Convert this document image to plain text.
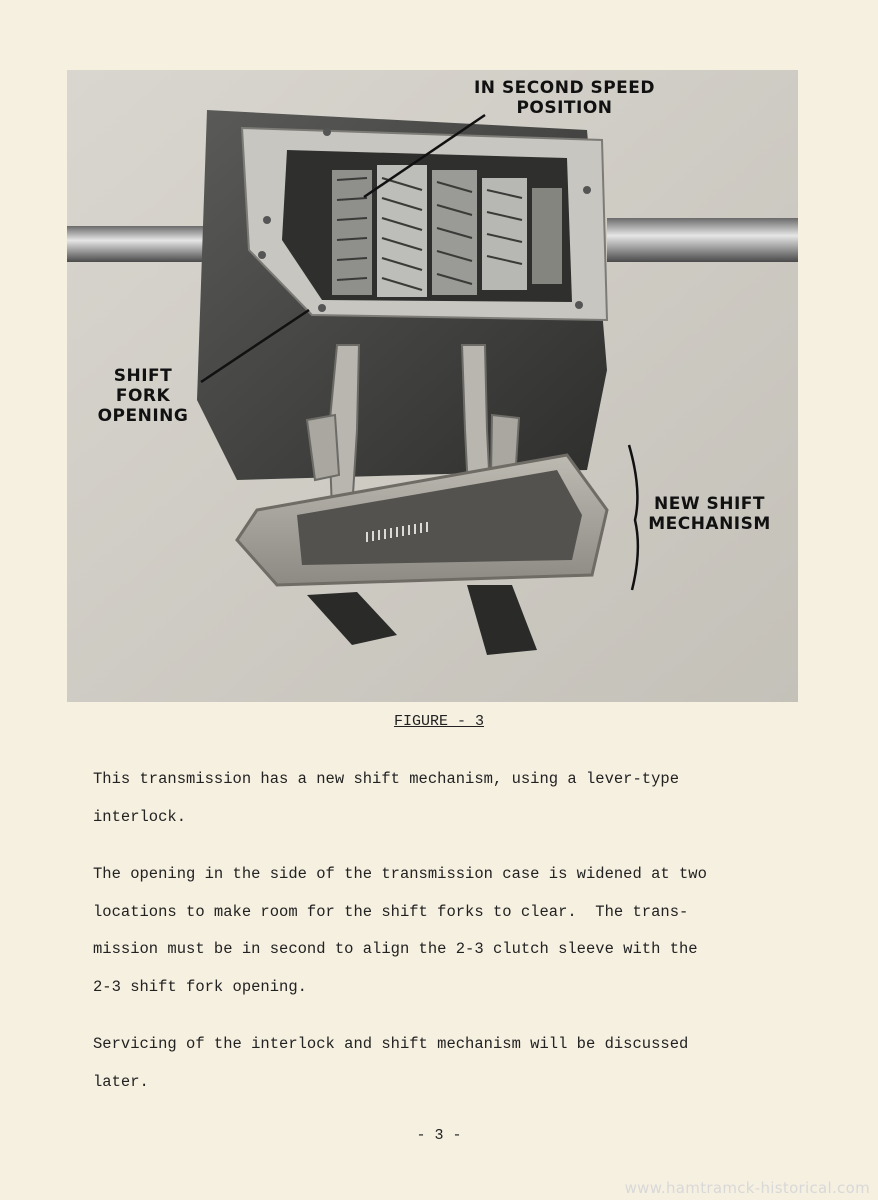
IN SECOND SPEED
POSITION
SHIFT FORK
OPENING
NEW SHIFT
MECHANISM
FIGURE - 3

This transmission has a new shift mechanism, using a lever-type
interlock.

The opening in the side of the transmission case is widened at two
locations to make room for the shift forks to clear.  The trans-
mission must be in second to align the 2-3 clutch sleeve with the
2-3 shift fork opening.

Servicing of the interlock and shift mechanism will be discussed
later.

- 3 -
www.hamtramck-historical.com
